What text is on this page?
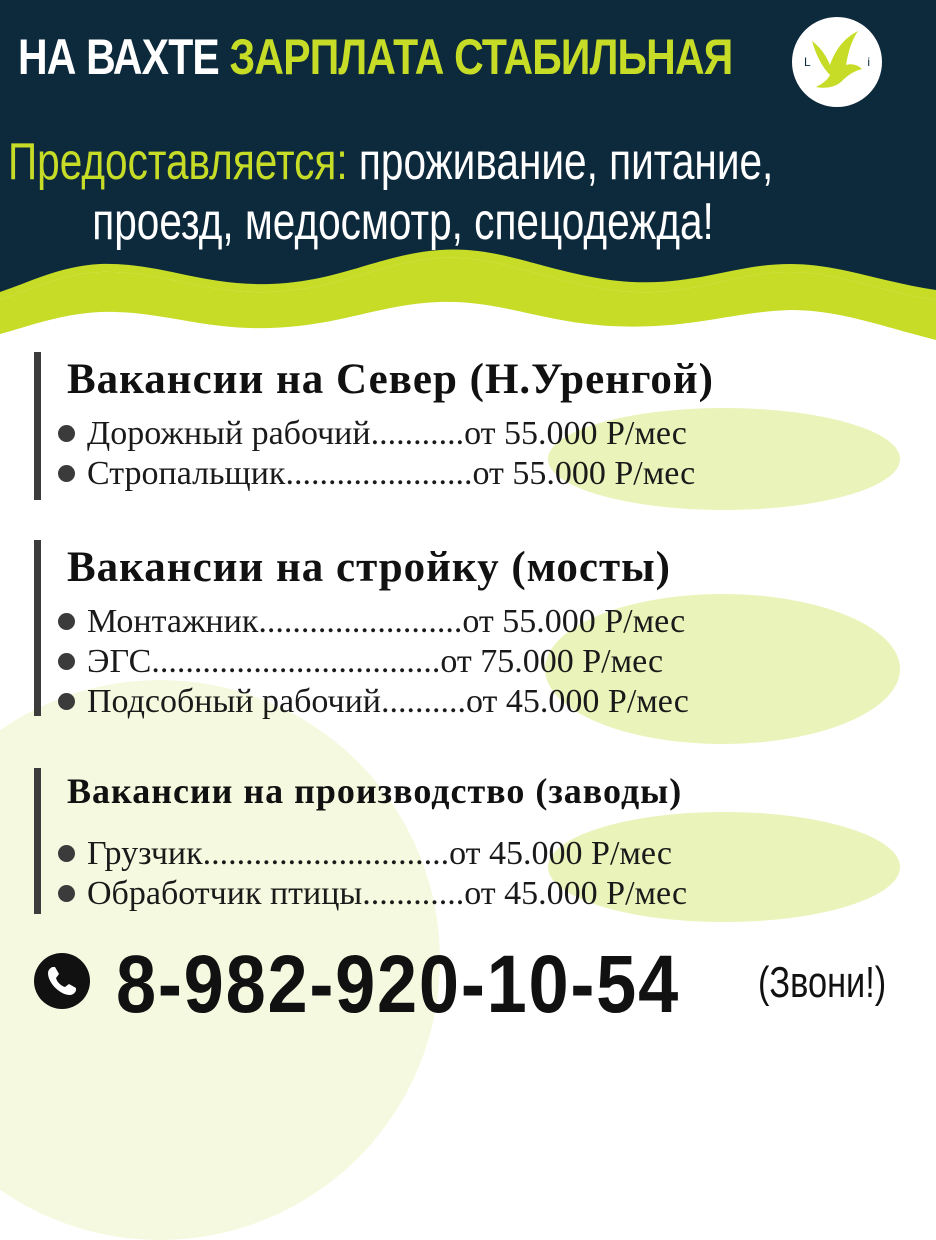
НА ВАХТЕ ЗАРПЛАТА СТАБИЛЬНАЯ	L	i
Предоставляется: проживание, питание,
проезд, медосмотр, спецодежда!
Вакансии на Север (Н.Уренгой)
Дорожный рабочий...........от 55.000 Р/мес
Стропальщик......................от 55.000 Р/мес
Вакансии на стройку (мосты)
Монтажник........................от 55.000 Р/мес
ЭГС..................................от 75.000 Р/мес
Подсобный рабочий..........от 45.000 Р/мес
Вакансии на производство (заводы)
Грузчик.............................от 45.000 Р/мес
Обработчик птицы............от 45.000 Р/мес
8-982-920-10-54 (Звони!)
